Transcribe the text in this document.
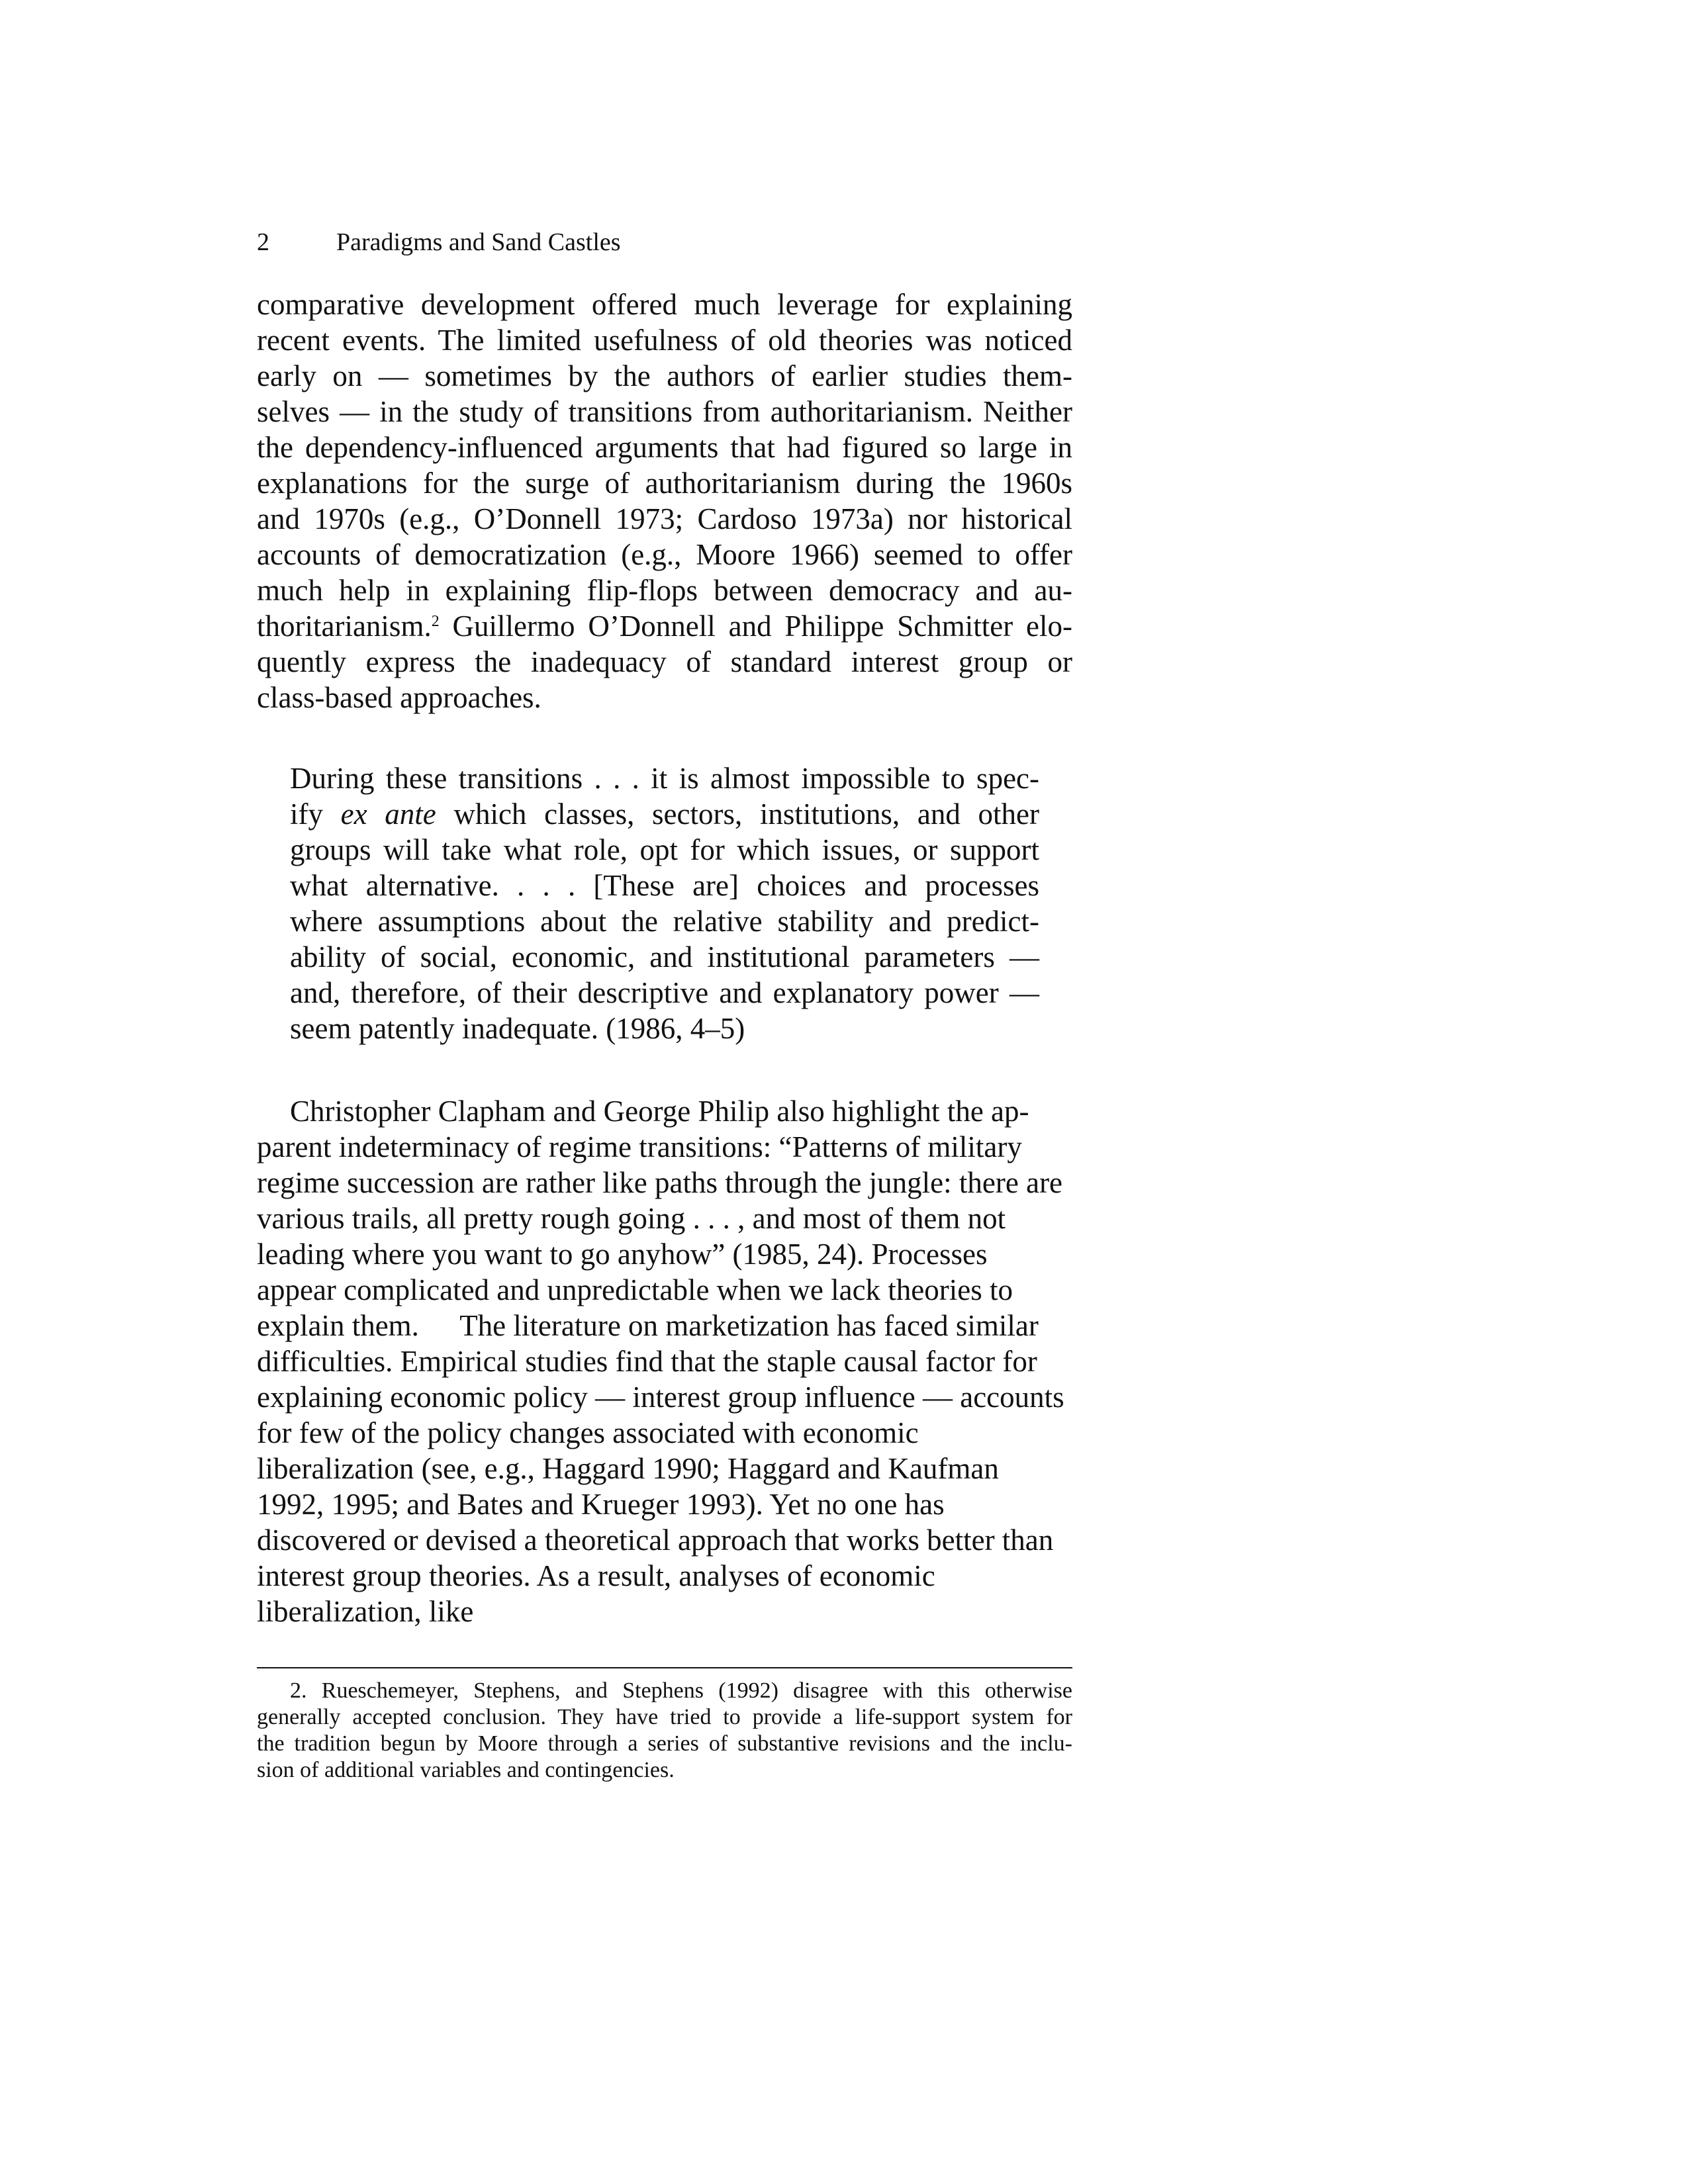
2	Paradigms and Sand Castles
comparative development offered much leverage for explaining
recent events. The limited usefulness of old theories was noticed
early on — sometimes by the authors of earlier studies them-
selves — in the study of transitions from authoritarianism. Neither
the dependency-influenced arguments that had figured so large in
explanations for the surge of authoritarianism during the 1960s
and 1970s (e.g., O’Donnell 1973; Cardoso 1973a) nor historical
accounts of democratization (e.g., Moore 1966) seemed to offer
much help in explaining flip-flops between democracy and au-
thoritarianism.$^2$ Guillermo O’Donnell and Philippe Schmitter elo-
quently express the inadequacy of standard interest group or
class-based approaches.
During these transitions . . . it is almost impossible to spec-
ify ex ante which classes, sectors, institutions, and other
groups will take what role, opt for which issues, or support
what alternative. . . . [These are] choices and processes
where assumptions about the relative stability and predict-
ability of social, economic, and institutional parameters —
and, therefore, of their descriptive and explanatory power —
seem patently inadequate. (1986, 4–5)
Christopher Clapham and George Philip also highlight the ap- parent indeterminacy of regime transitions: “Patterns of military regime succession are rather like paths through the jungle: there are various trails, all pretty rough going . . . , and most of them not leading where you want to go anyhow” (1985, 24). Processes appear complicated and unpredictable when we lack theories to explain them. The literature on marketization has faced similar difficulties. Empirical studies find that the staple causal factor for explaining economic policy — interest group influence — accounts for few of the policy changes associated with economic liberalization (see, e.g., Haggard 1990; Haggard and Kaufman 1992, 1995; and Bates and Krueger 1993). Yet no one has discovered or devised a theoretical approach that works better than interest group theories. As a result, analyses of economic liberalization, like
2. Rueschemeyer, Stephens, and Stephens (1992) disagree with this otherwise
generally accepted conclusion. They have tried to provide a life-support system for
the tradition begun by Moore through a series of substantive revisions and the inclu-
sion of additional variables and contingencies.
